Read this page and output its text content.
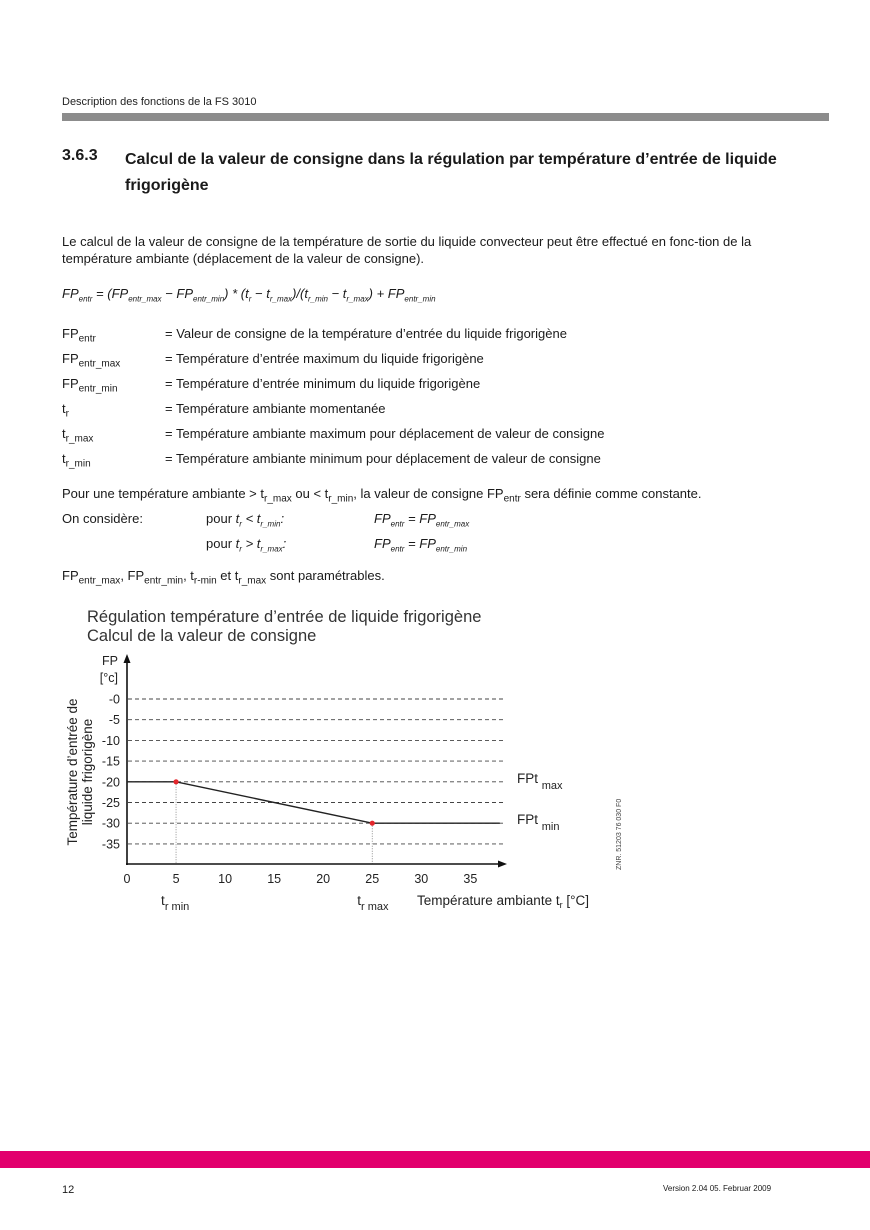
Description des fonctions de la FS 3010
3.6.3 Calcul de la valeur de consigne dans la régulation par température d’entrée de liquide frigorigène
Le calcul de la valeur de consigne de la température de sortie du liquide convecteur peut être effectué en fonc-tion de la température ambiante (déplacement de la valeur de consigne).
$FP_{entr} = (FP_{entr\_max} - FP_{entr\_min}) * (t_r - t_{r\_max})/(t_{r\_min} - t_{r\_max}) + FP_{entr\_min}$
$FP_{entr}$	= Valeur de consigne de la température d’entrée du liquide frigorigène
$FP_{entr\_max}$	= Température d’entrée maximum du liquide frigorigène
$FP_{entr\_min}$	= Température d’entrée minimum du liquide frigorigène
$t_r$	= Température ambiante momentanée
$t_{r\_max}$	= Température ambiante maximum pour déplacement de valeur de consigne
$t_{r\_min}$	= Température ambiante minimum pour déplacement de valeur de consigne
Pour une température ambiante > $t_{r\_max}$ ou < $t_{r\_min}$, la valeur de consigne $FP_{entr}$ sera définie comme constante.
On considère:	pour $t_r < t_{r\_min}$:	$FP_{entr} = FP_{entr\_max}$
pour $t_r > t_{r\_max}$:	$FP_{entr} = FP_{entr\_min}$
$FP_{entr\_max}$, $FP_{entr\_min}$, $t_{r-min}$ et $t_{r\_max}$ sont paramétrables.
Régulation température d’entrée de liquide frigorigène
Calcul de la valeur de consigne
FP
[°c]
Température d’entrée de liquide frigorigène
-0
-5
-10
-15
-20
-25
-30
-35
0	5	10	15	20	25	30	35
$t_{r min}$	$t_{r max}$
FPt $_{max}$
FPt $_{min}$
Température ambiante $t_r$ [°C]
ZNR. 51203 76 030 F0
12	Version 2.04 05. Februar 2009
